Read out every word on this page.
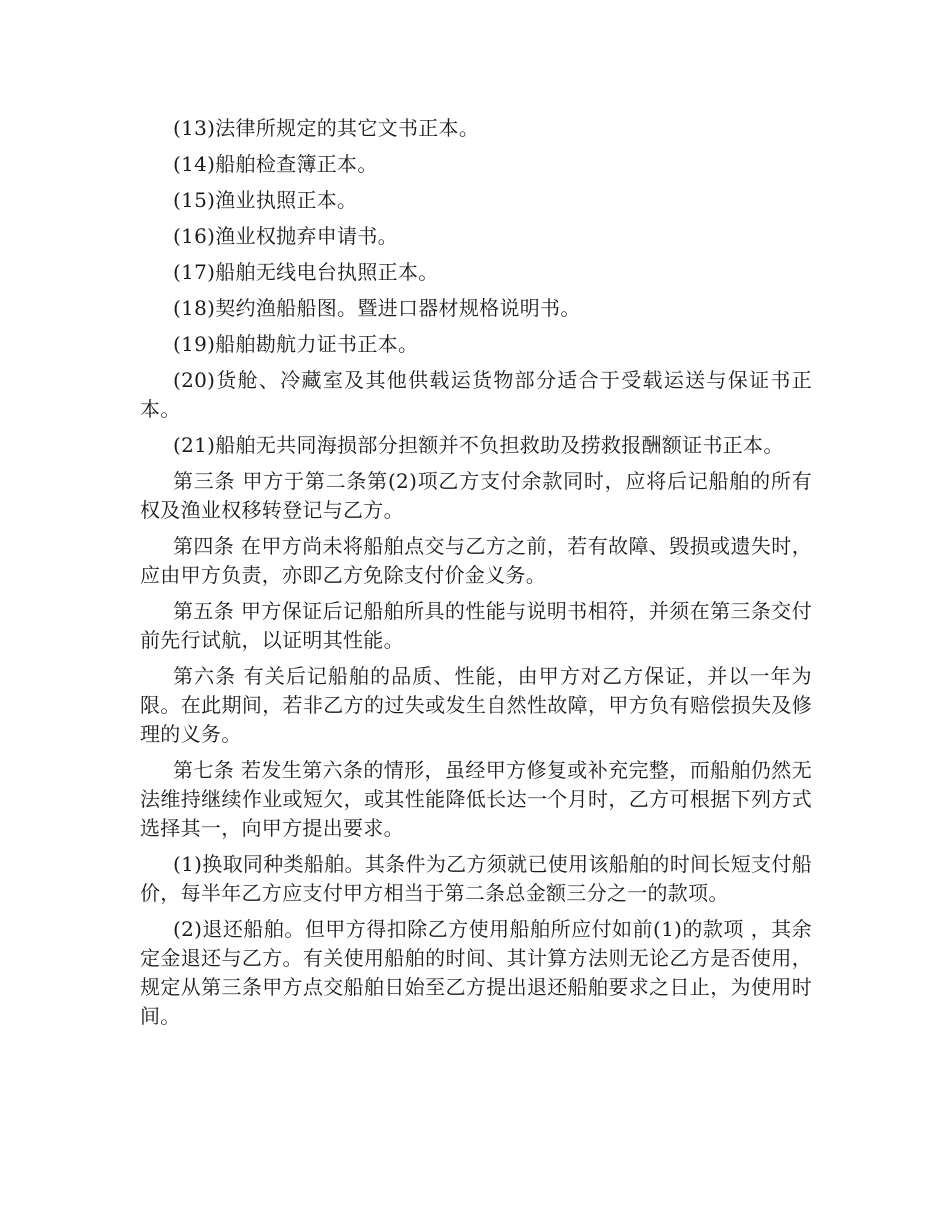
(13)法律所规定的其它文书正本。

(14)船舶检查簿正本。

(15)渔业执照正本。

(16)渔业权抛弃申请书。

(17)船舶无线电台执照正本。

(18)契约渔船船图。暨进口器材规格说明书。

(19)船舶勘航力证书正本。

(20)货舱、冷藏室及其他供载运货物部分适合于受载运送与保证书正本。

(21)船舶无共同海损部分担额并不负担救助及捞救报酬额证书正本。

第三条 甲方于第二条第(2)项乙方支付余款同时，应将后记船舶的所有权及渔业权移转登记与乙方。

第四条 在甲方尚未将船舶点交与乙方之前，若有故障、毁损或遗失时，应由甲方负责，亦即乙方免除支付价金义务。

第五条 甲方保证后记船舶所具的性能与说明书相符，并须在第三条交付前先行试航，以证明其性能。

第六条 有关后记船舶的品质、性能，由甲方对乙方保证，并以一年为限。在此期间，若非乙方的过失或发生自然性故障，甲方负有赔偿损失及修理的义务。

第七条 若发生第六条的情形，虽经甲方修复或补充完整，而船舶仍然无法维持继续作业或短欠，或其性能降低长达一个月时，乙方可根据下列方式选择其一，向甲方提出要求。

(1)换取同种类船舶。其条件为乙方须就已使用该船舶的时间长短支付船价，每半年乙方应支付甲方相当于第二条总金额三分之一的款项。

(2)退还船舶。但甲方得扣除乙方使用船舶所应付如前(1)的款项 ，其余定金退还与乙方。有关使用船舶的时间、其计算方法则无论乙方是否使用，规定从第三条甲方点交船舶日始至乙方提出退还船舶要求之日止，为使用时间。
